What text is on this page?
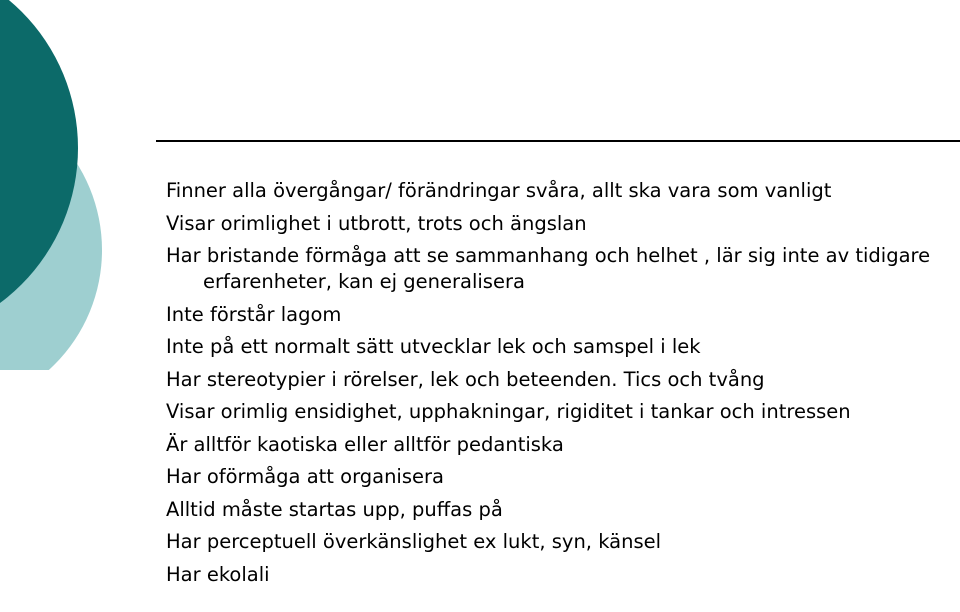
Finner alla övergångar/ förändringar svåra, allt ska vara som vanligt
Visar orimlighet i utbrott, trots och ängslan
Har bristande förmåga att se sammanhang och helhet , lär sig inte av tidigare erfarenheter, kan ej generalisera
Inte förstår lagom
Inte på ett normalt sätt utvecklar lek och samspel i lek
Har stereotypier i rörelser, lek och beteenden. Tics och tvång
Visar orimlig ensidighet, upphakningar, rigiditet i tankar och intressen
Är alltför kaotiska eller alltför pedantiska
Har oförmåga att organisera
Alltid måste startas upp, puffas på
Har perceptuell överkänslighet ex lukt, syn, känsel
Har ekolali
